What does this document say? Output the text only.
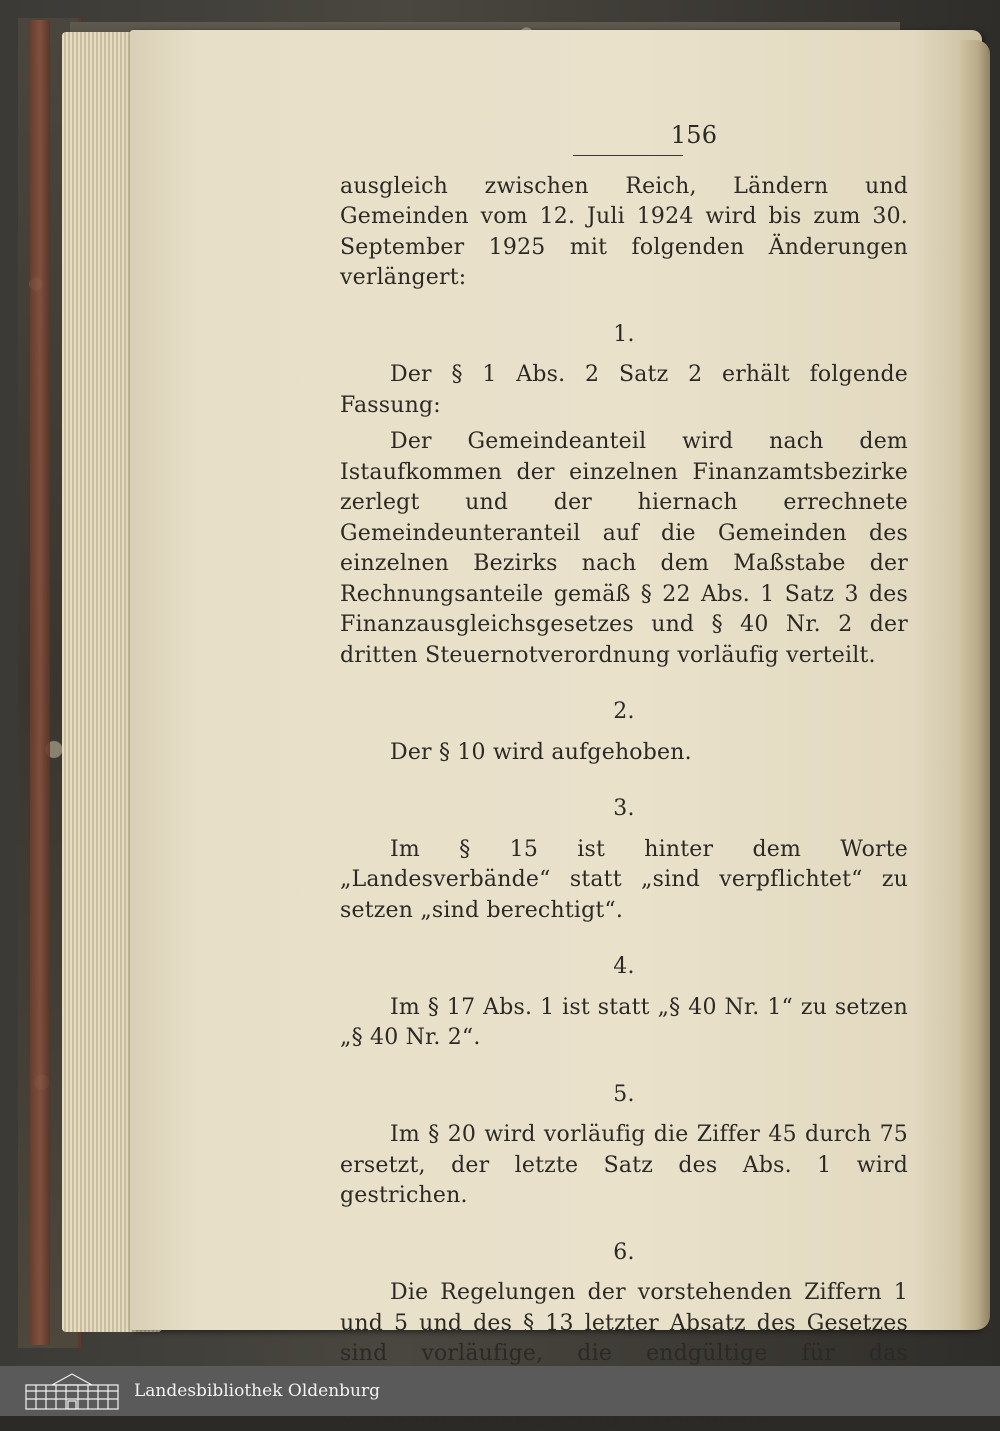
156

ausgleich zwischen Reich, Ländern und Gemeinden vom 12. Juli 1924 wird bis zum 30. September 1925 mit folgenden Änderungen verlängert:

1.

Der § 1 Abs. 2 Satz 2 erhält folgende Fassung:

Der Gemeindeanteil wird nach dem Istaufkommen der einzelnen Finanzamtsbezirke zerlegt und der hiernach errechnete Gemeindeunteranteil auf die Gemeinden des einzelnen Bezirks nach dem Maßstabe der Rechnungsanteile gemäß § 22 Abs. 1 Satz 3 des Finanzausgleichsgesetzes und § 40 Nr. 2 der dritten Steuernotverordnung vorläufig verteilt.

2.

Der § 10 wird aufgehoben.

3.

Im § 15 ist hinter dem Worte „Landesverbände“ statt „sind verpflichtet“ zu setzen „sind berechtigt“.

4.

Im § 17 Abs. 1 ist statt „§ 40 Nr. 1“ zu setzen „§ 40 Nr. 2“.

5.

Im § 20 wird vorläufig die Ziffer 45 durch 75 ersetzt, der letzte Satz des Abs. 1 wird gestrichen.

6.

Die Regelungen der vorstehenden Ziffern 1 und 5 und des § 13 letzter Absatz des Gesetzes sind vorläufige, die endgültige für das

Landesbibliothek Oldenburg
